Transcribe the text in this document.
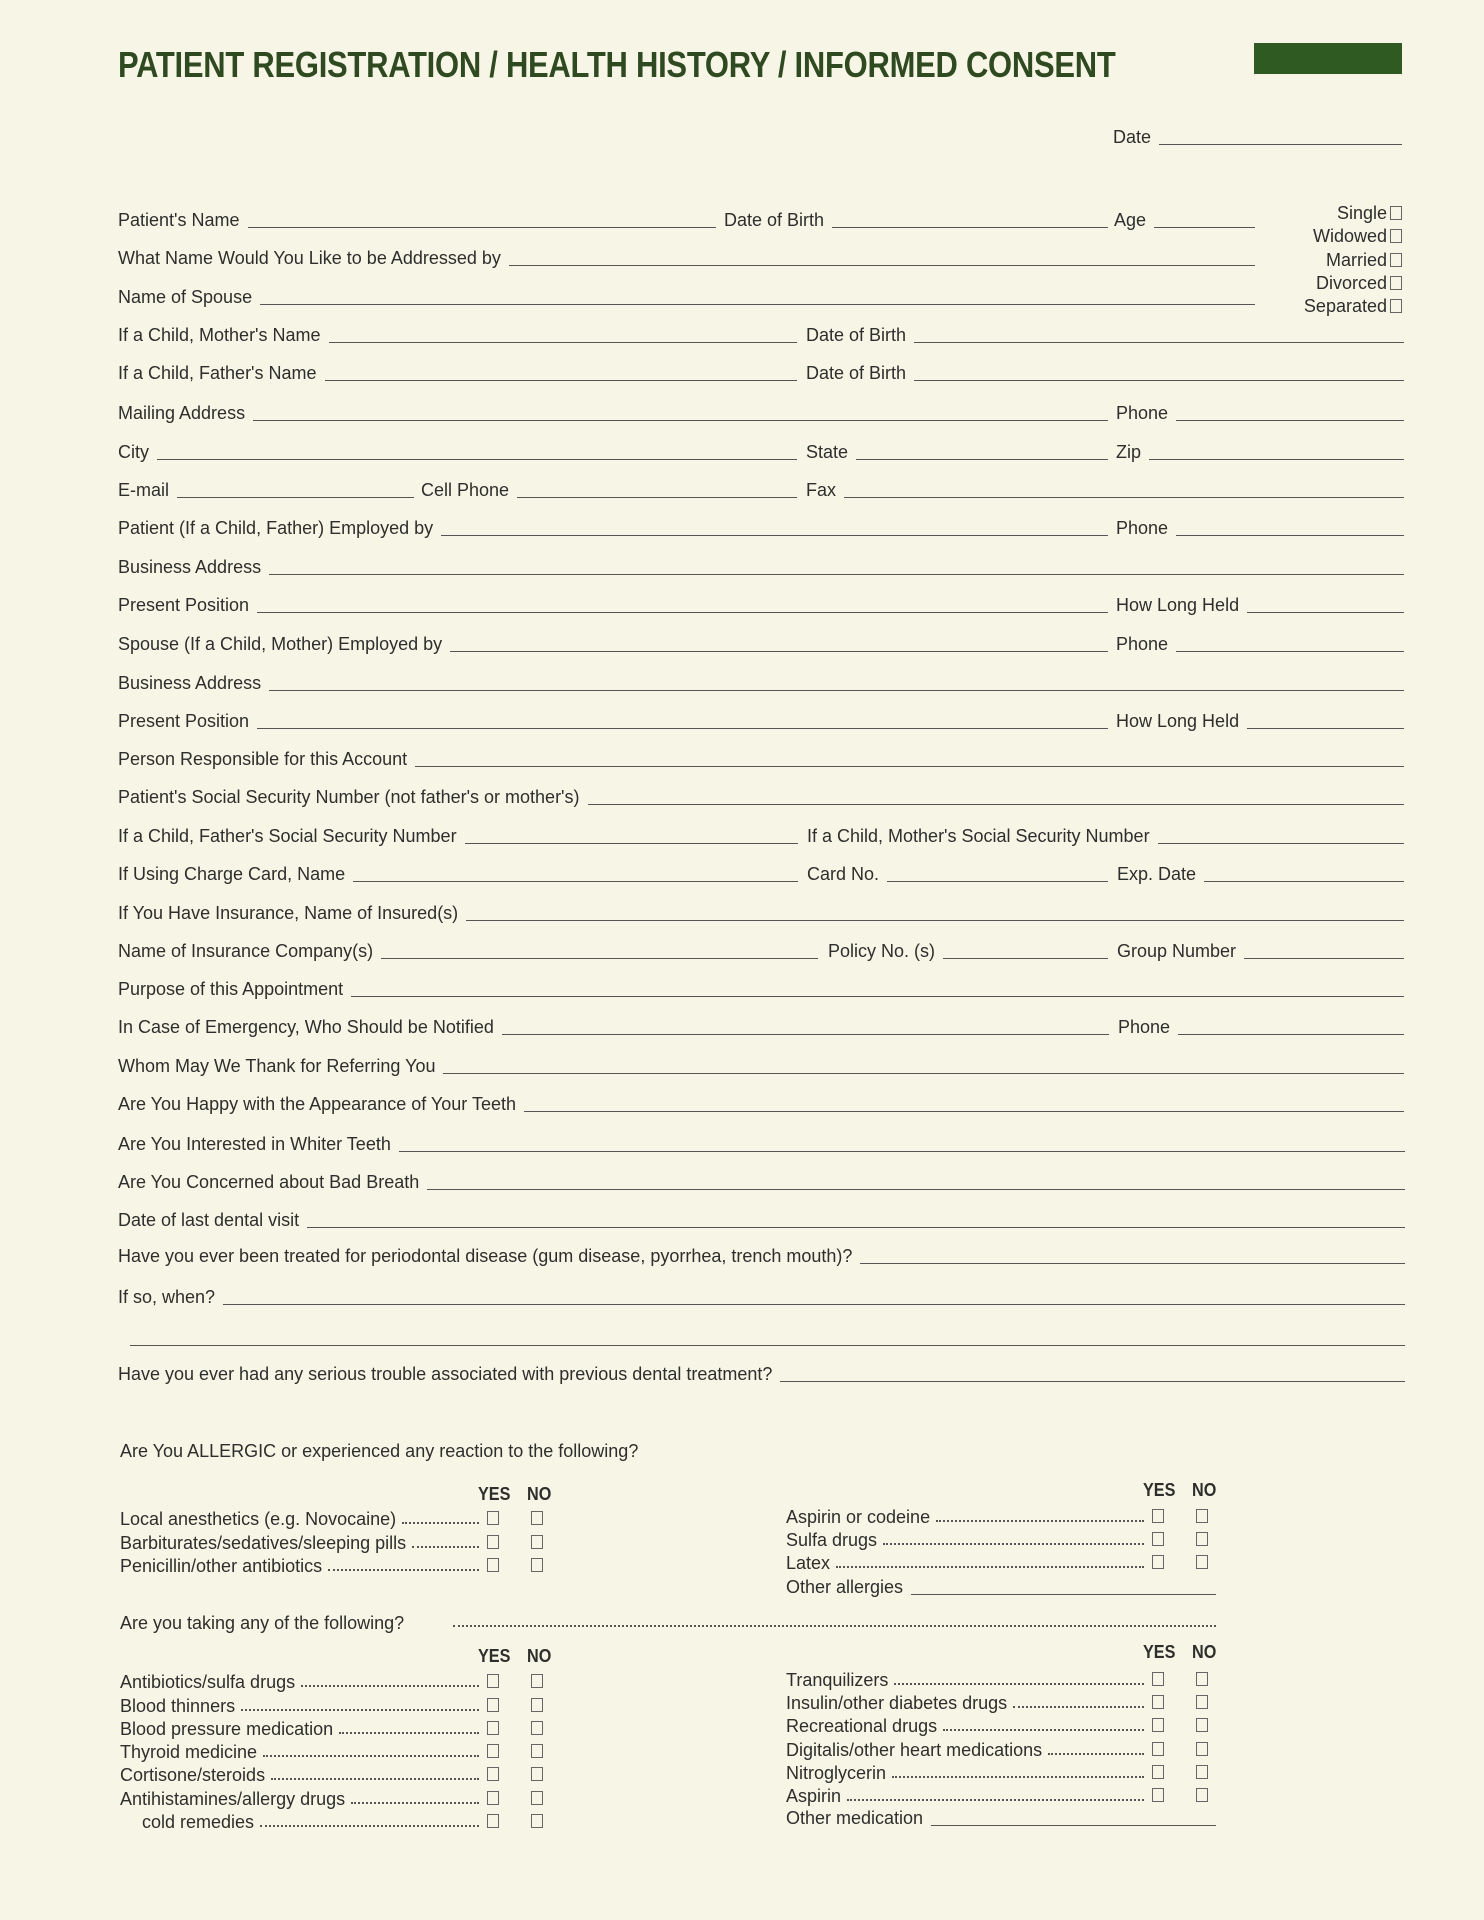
PATIENT REGISTRATION / HEALTH HISTORY / INFORMED CONSENT
Date
Patient's Name	Date of Birth	Age
What Name Would You Like to be Addressed by
Name of Spouse
If a Child, Mother's Name	Date of Birth
If a Child, Father's Name	Date of Birth
Mailing Address	Phone
City	State	Zip
E-mail	Cell Phone	Fax
Patient (If a Child, Father) Employed by	Phone
Business Address
Present Position	How Long Held
Spouse (If a Child, Mother) Employed by	Phone
Business Address
Present Position	How Long Held
Person Responsible for this Account
Patient's Social Security Number (not father's or mother's)
If a Child, Father's Social Security Number	If a Child, Mother's Social Security Number
If Using Charge Card, Name	Card No.	Exp. Date
If You Have Insurance, Name of Insured(s)
Name of Insurance Company(s)	Policy No. (s)	Group Number
Purpose of this Appointment
In Case of Emergency, Who Should be Notified	Phone
Whom May We Thank for Referring You
Are You Happy with the Appearance of Your Teeth
Are You Interested in Whiter Teeth
Are You Concerned about Bad Breath
Date of last dental visit
Have you ever been treated for periodontal disease (gum disease, pyorrhea, trench mouth)?
If so, when?
Have you ever had any serious trouble associated with previous dental treatment?
Single
Widowed
Married
Divorced
Separated
Are You ALLERGIC or experienced any reaction to the following?
YES NO	YES NO
Local anesthetics (e.g. Novocaine)
Barbiturates/sedatives/sleeping pills
Penicillin/other antibiotics
Aspirin or codeine
Sulfa drugs
Latex
Other allergies
Are you taking any of the following?
YES NO	YES NO
Antibiotics/sulfa drugs
Blood thinners
Blood pressure medication
Thyroid medicine
Cortisone/steroids
Antihistamines/allergy drugs
cold remedies
Tranquilizers
Insulin/other diabetes drugs
Recreational drugs
Digitalis/other heart medications
Nitroglycerin
Aspirin
Other medication
